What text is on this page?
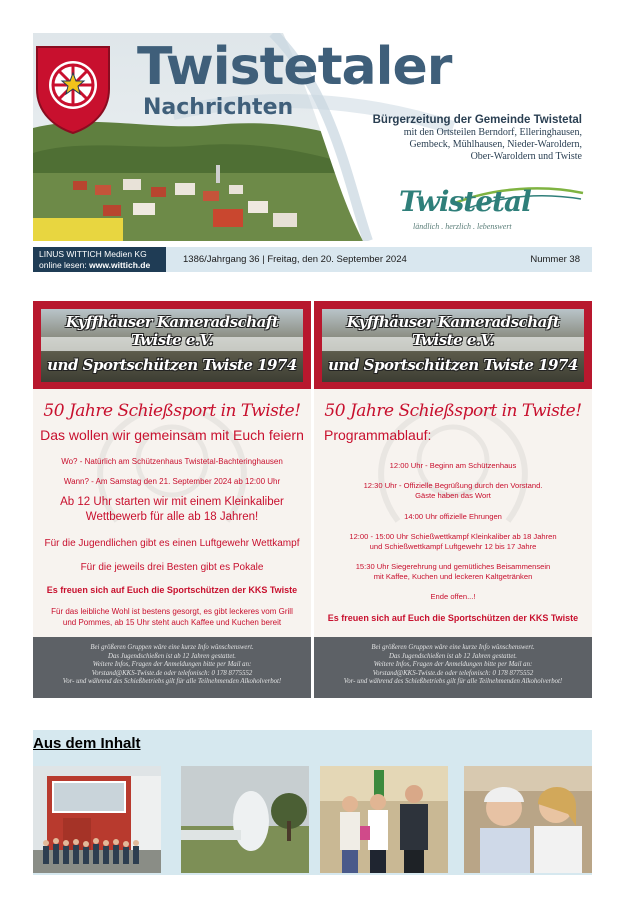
Twistetaler
Nachrichten	Bürgerzeitung der Gemeinde Twistetal
mit den Ortsteilen Berndorf, Elleringhausen,
Gembeck, Mühlhausen, Nieder-Waroldern,
Ober-Waroldern und Twiste
Twistetal
ländlich . herzlich . lebenswert
LINUS WITTICH Medien KG
online lesen: www.wittich.de	1386/Jahrgang 36 | Freitag, den 20. September 2024	Nummer 38
Kyffhäuser Kameradschaft Twiste e.V.
und Sportschützen Twiste 1974
50 Jahre Schießsport in Twiste!
Das wollen wir gemeinsam mit Euch feiern
Wo? - Natürlich am Schützenhaus Twistetal-Bachteringhausen
Wann? - Am Samstag den 21. September 2024 ab 12:00 Uhr
Ab 12 Uhr starten wir mit einem Kleinkaliber
Wettbewerb für alle ab 18 Jahren!
Für die Jugendlichen gibt es einen Luftgewehr Wettkampf
Für die jeweils drei Besten gibt es Pokale
Es freuen sich auf Euch die Sportschützen der KKS Twiste
Für das leibliche Wohl ist bestens gesorgt, es gibt leckeres vom Grill
und Pommes, ab 15 Uhr steht auch Kaffee und Kuchen bereit
Bei größeren Gruppen wäre eine kurze Info wünschenswert.
Das Jugendschießen ist ab 12 Jahren gestattet.
Weitere Infos, Fragen der Anmeldungen bitte per Mail an:
Vorstand@KKS-Twiste.de oder telefonisch: 0 178 8775552
Vor- und während des Schießbetriebs gilt für alle Teilnehmenden Alkoholverbot!
Kyffhäuser Kameradschaft Twiste e.V.
und Sportschützen Twiste 1974
50 Jahre Schießsport in Twiste!
Programmablauf:
12:00 Uhr - Beginn am Schützenhaus
12:30 Uhr - Offizielle Begrüßung durch den Vorstand.
Gäste haben das Wort
14:00 Uhr offizielle Ehrungen
12:00 - 15:00 Uhr Schießwettkampf Kleinkaliber ab 18 Jahren
und Schießwettkampf Luftgewehr 12 bis 17 Jahre
15:30 Uhr Siegerehrung und gemütliches Beisammensein
mit Kaffee, Kuchen und leckeren Kaltgetränken
Ende offen...!
Es freuen sich auf Euch die Sportschützen der KKS Twiste
Bei größeren Gruppen wäre eine kurze Info wünschenswert.
Das Jugendschießen ist ab 12 Jahren gestattet.
Weitere Infos, Fragen der Anmeldungen bitte per Mail an:
Vorstand@KKS-Twiste.de oder telefonisch: 0 178 8775552
Vor- und während des Schießbetriebs gilt für alle Teilnehmenden Alkoholverbot!
Aus dem Inhalt
